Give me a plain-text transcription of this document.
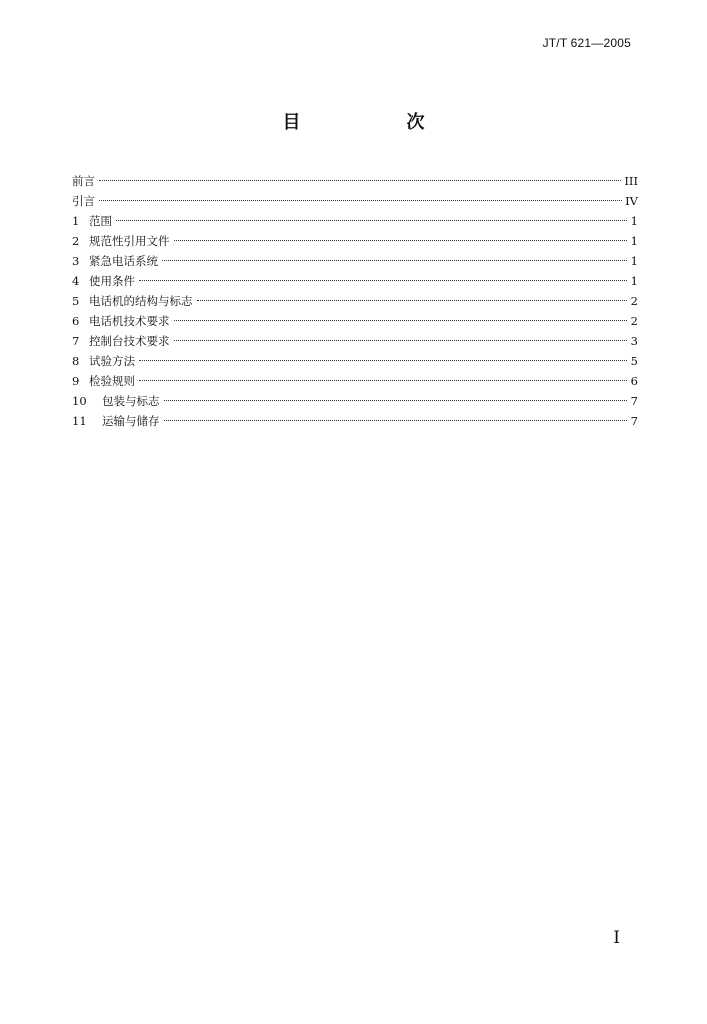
JT/T 621—2005
目　次
前言	III
引言	IV
1 范围	1
2 规范性引用文件	1
3 紧急电话系统	1
4 使用条件	1
5 电话机的结构与标志	2
6 电话机技术要求	2
7 控制台技术要求	3
8 试验方法	5
9 检验规则	6
10	包装与标志	7
11	运输与储存	7
I
